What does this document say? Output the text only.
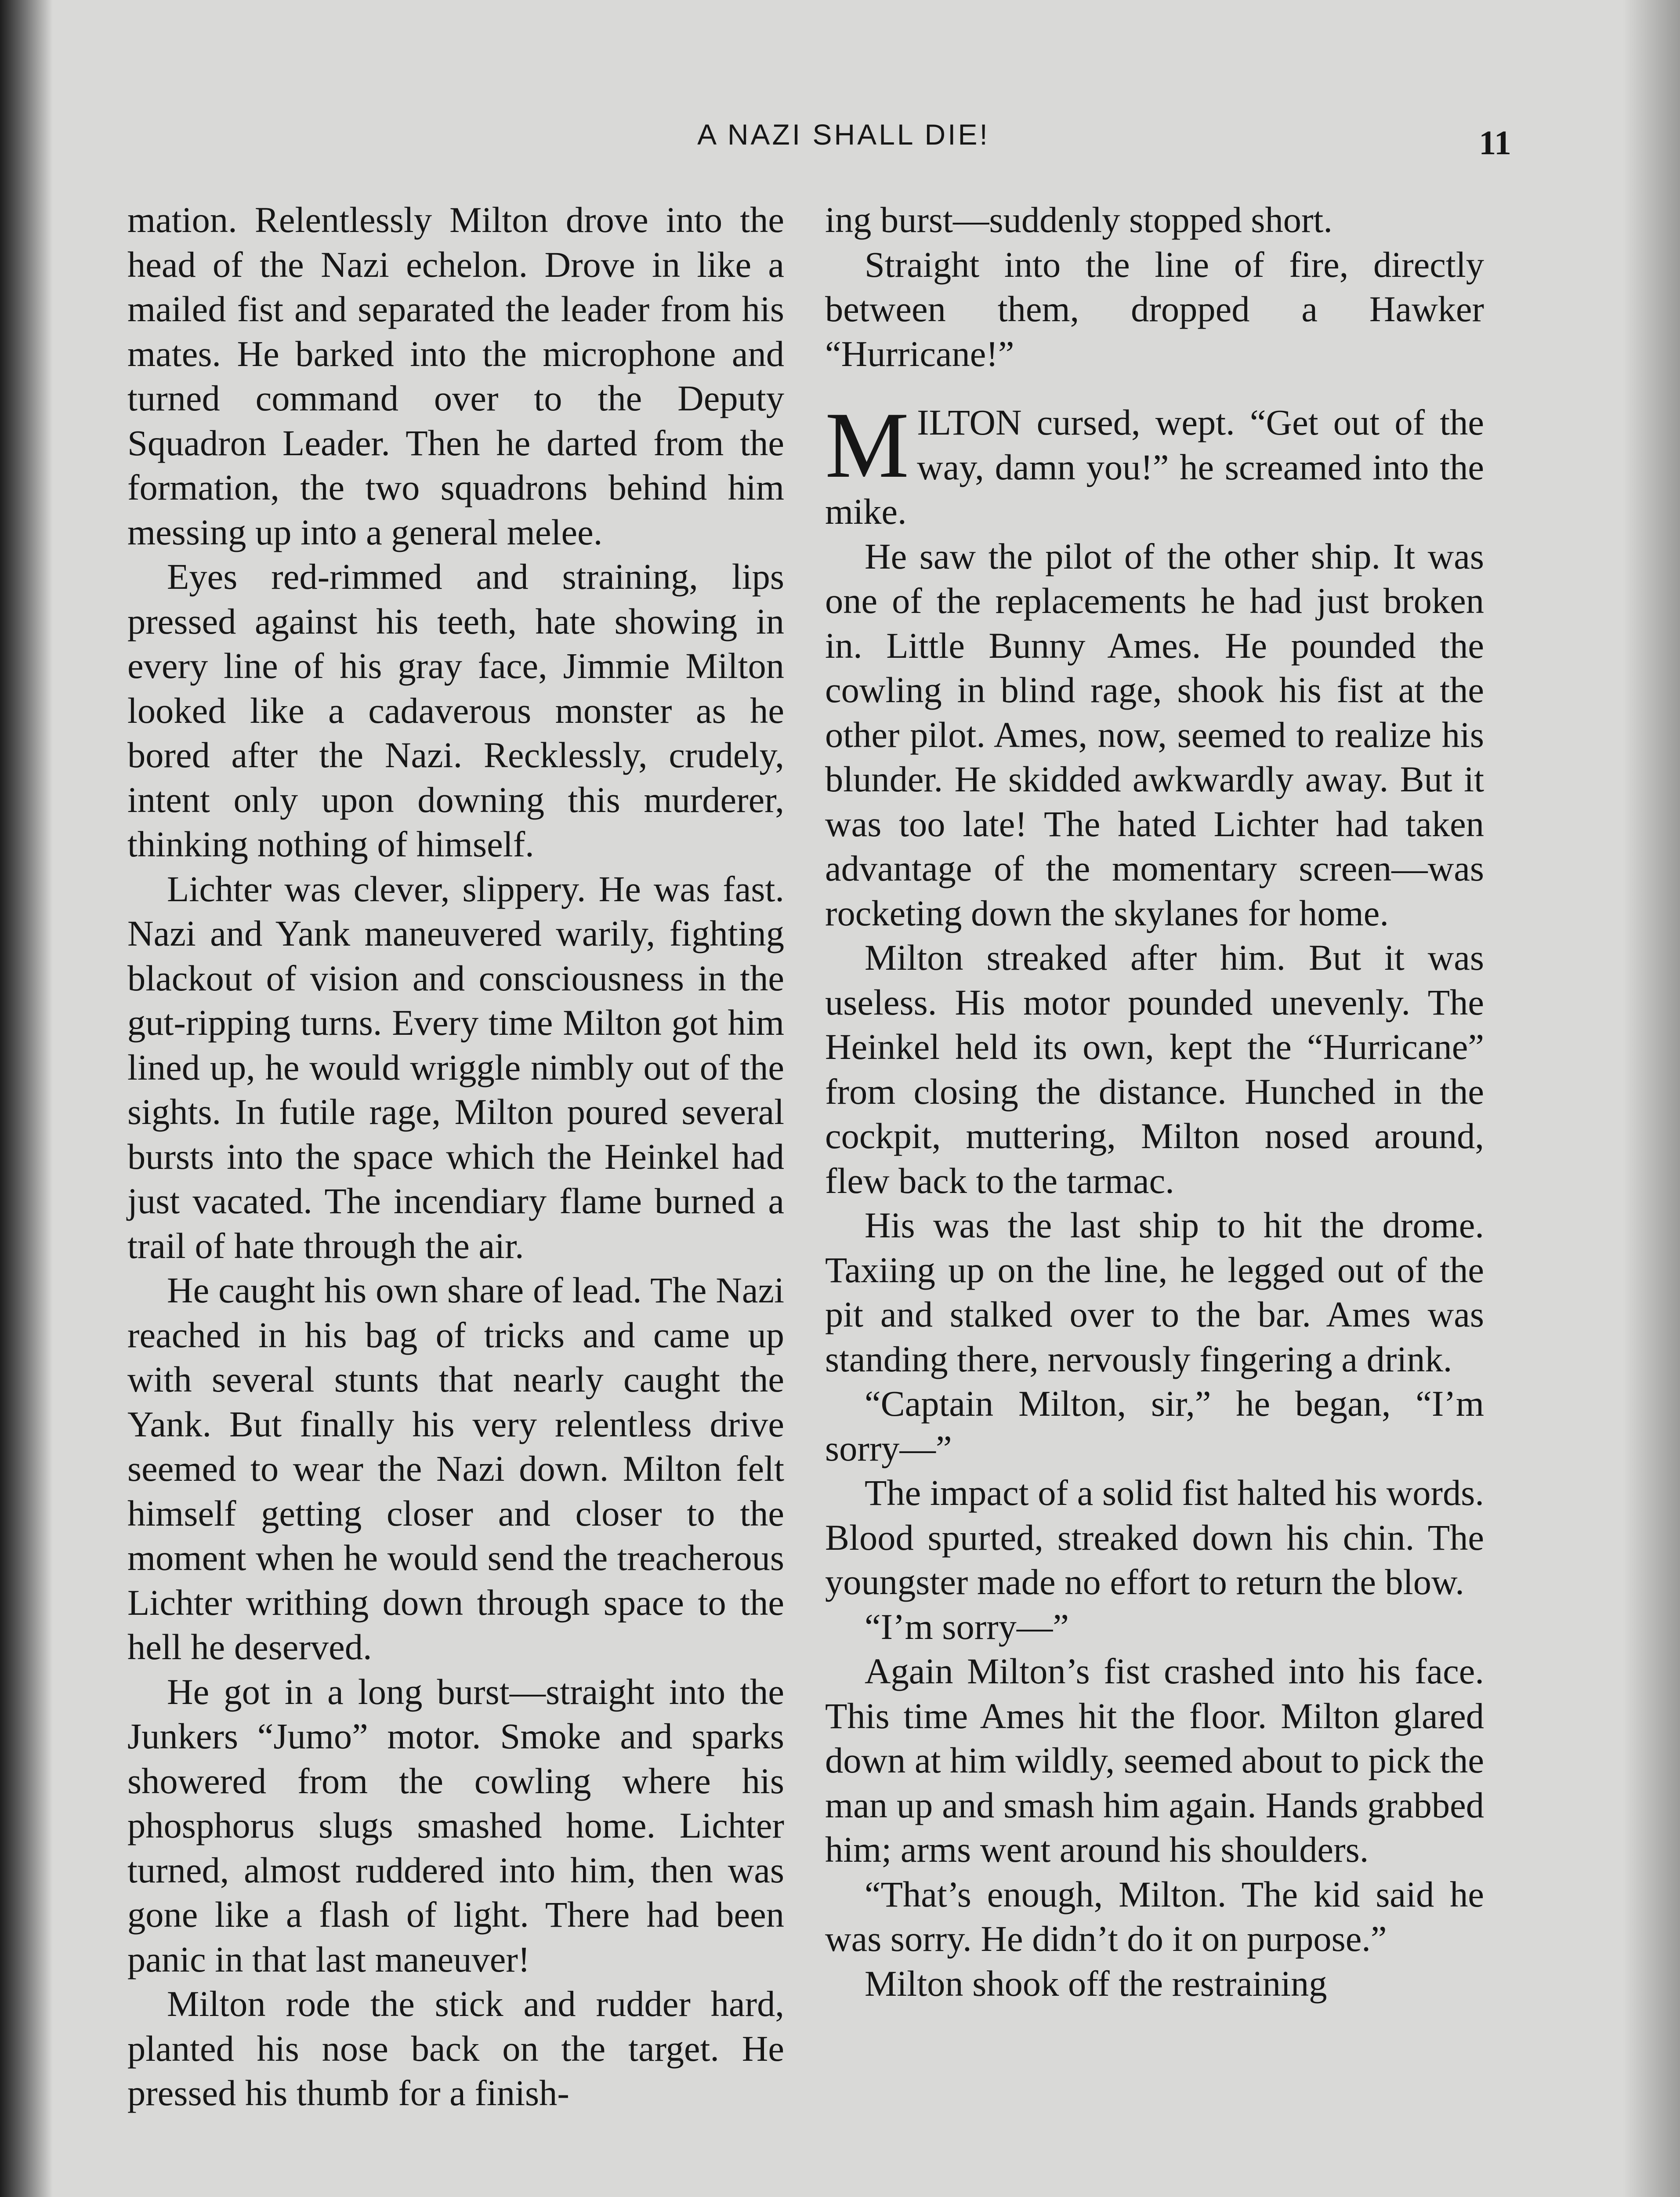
A NAZI SHALL DIE!	11

mation. Relentlessly Milton drove into the head of the Nazi echelon. Drove in like a mailed fist and separated the leader from his mates. He barked into the microphone and turned command over to the Deputy Squadron Leader. Then he darted from the formation, the two squadrons behind him messing up into a general melee.

Eyes red-rimmed and straining, lips pressed against his teeth, hate showing in every line of his gray face, Jimmie Milton looked like a cadaverous monster as he bored after the Nazi. Recklessly, crudely, intent only upon downing this murderer, thinking nothing of himself.

Lichter was clever, slippery. He was fast. Nazi and Yank maneuvered warily, fighting blackout of vision and consciousness in the gut-ripping turns. Every time Milton got him lined up, he would wriggle nimbly out of the sights. In futile rage, Milton poured several bursts into the space which the Heinkel had just vacated. The incendiary flame burned a trail of hate through the air.

He caught his own share of lead. The Nazi reached in his bag of tricks and came up with several stunts that nearly caught the Yank. But finally his very relentless drive seemed to wear the Nazi down. Milton felt himself getting closer and closer to the moment when he would send the treacherous Lichter writhing down through space to the hell he deserved.

He got in a long burst—straight into the Junkers “Jumo” motor. Smoke and sparks showered from the cowling where his phosphorus slugs smashed home. Lichter turned, almost ruddered into him, then was gone like a flash of light. There had been panic in that last maneuver!

Milton rode the stick and rudder hard, planted his nose back on the target. He pressed his thumb for a finish-

ing burst—suddenly stopped short.

Straight into the line of fire, directly between them, dropped a Hawker “Hurricane!”

MILTON cursed, wept. “Get out of the way, damn you!” he screamed into the mike.

He saw the pilot of the other ship. It was one of the replacements he had just broken in. Little Bunny Ames. He pounded the cowling in blind rage, shook his fist at the other pilot. Ames, now, seemed to realize his blunder. He skidded awkwardly away. But it was too late! The hated Lichter had taken advantage of the momentary screen—was rocketing down the skylanes for home.

Milton streaked after him. But it was useless. His motor pounded unevenly. The Heinkel held its own, kept the “Hurricane” from closing the distance. Hunched in the cockpit, muttering, Milton nosed around, flew back to the tarmac.

His was the last ship to hit the drome. Taxiing up on the line, he legged out of the pit and stalked over to the bar. Ames was standing there, nervously fingering a drink.

“Captain Milton, sir,” he began, “I’m sorry—”

The impact of a solid fist halted his words. Blood spurted, streaked down his chin. The youngster made no effort to return the blow.

“I’m sorry—”

Again Milton’s fist crashed into his face. This time Ames hit the floor. Milton glared down at him wildly, seemed about to pick the man up and smash him again. Hands grabbed him; arms went around his shoulders.

“That’s enough, Milton. The kid said he was sorry. He didn’t do it on purpose.”

Milton shook off the restraining
